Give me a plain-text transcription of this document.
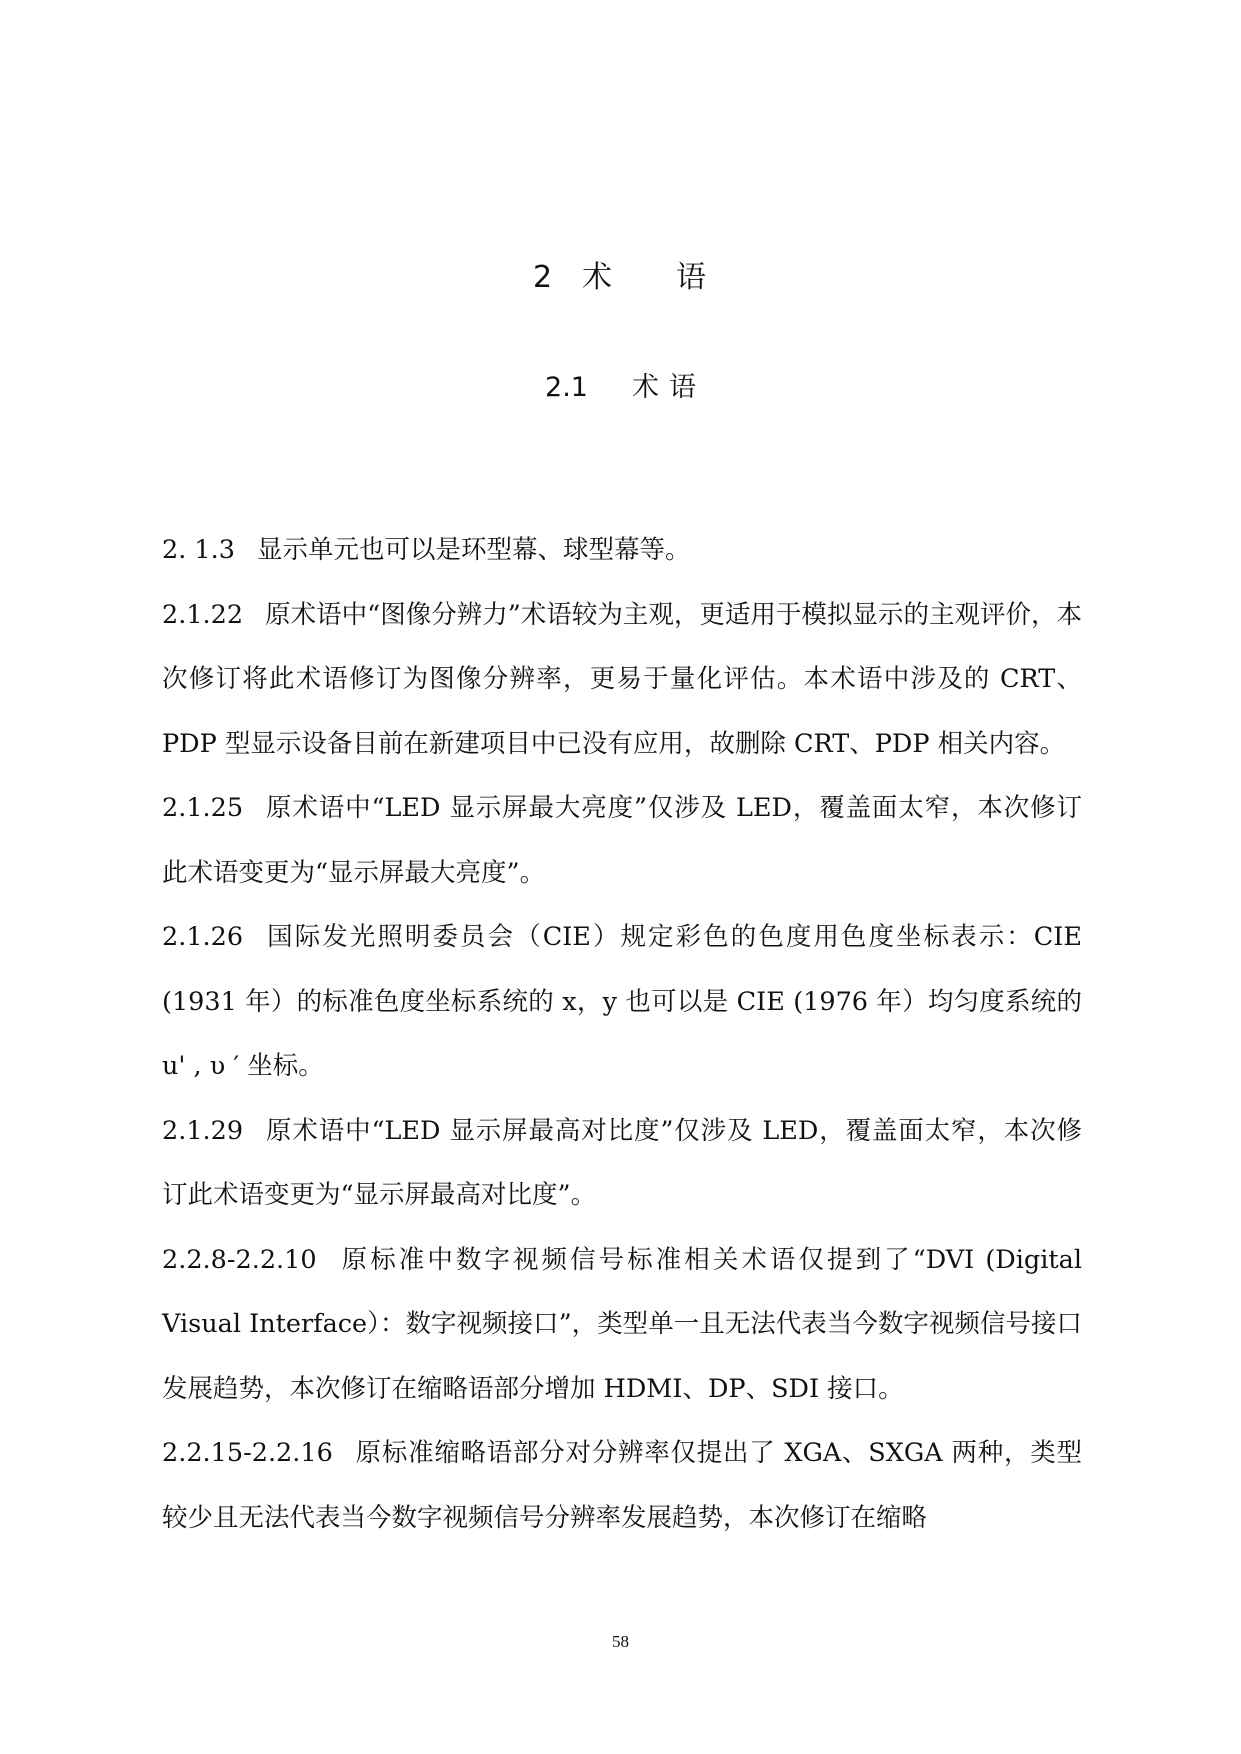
2 术 语
2.1 术 语

2. 1.3 显示单元也可以是环型幕、球型幕等。

2.1.22 原术语中“图像分辨力”术语较为主观，更适用于模拟显示的主观评价，本次修订将此术语修订为图像分辨率，更易于量化评估。本术语中涉及的 CRT、PDP 型显示设备目前在新建项目中已没有应用，故删除 CRT、PDP 相关内容。

2.1.25 原术语中“LED 显示屏最大亮度”仅涉及 LED，覆盖面太窄，本次修订此术语变更为“显示屏最大亮度”。

2.1.26 国际发光照明委员会（CIE）规定彩色的色度用色度坐标表示：CIE (1931 年）的标准色度坐标系统的 x，y 也可以是 CIE (1976 年）均匀度系统的 u' , υ ′ 坐标。

2.1.29 原术语中“LED 显示屏最高对比度”仅涉及 LED，覆盖面太窄，本次修订此术语变更为“显示屏最高对比度”。

2.2.8-2.2.10 原标准中数字视频信号标准相关术语仅提到了“DVI (Digital Visual Interface）：数字视频接口”，类型单一且无法代表当今数字视频信号接口发展趋势，本次修订在缩略语部分增加 HDMI、DP、SDI 接口。

2.2.15-2.2.16 原标准缩略语部分对分辨率仅提出了 XGA、SXGA 两种，类型较少且无法代表当今数字视频信号分辨率发展趋势，本次修订在缩略

58
